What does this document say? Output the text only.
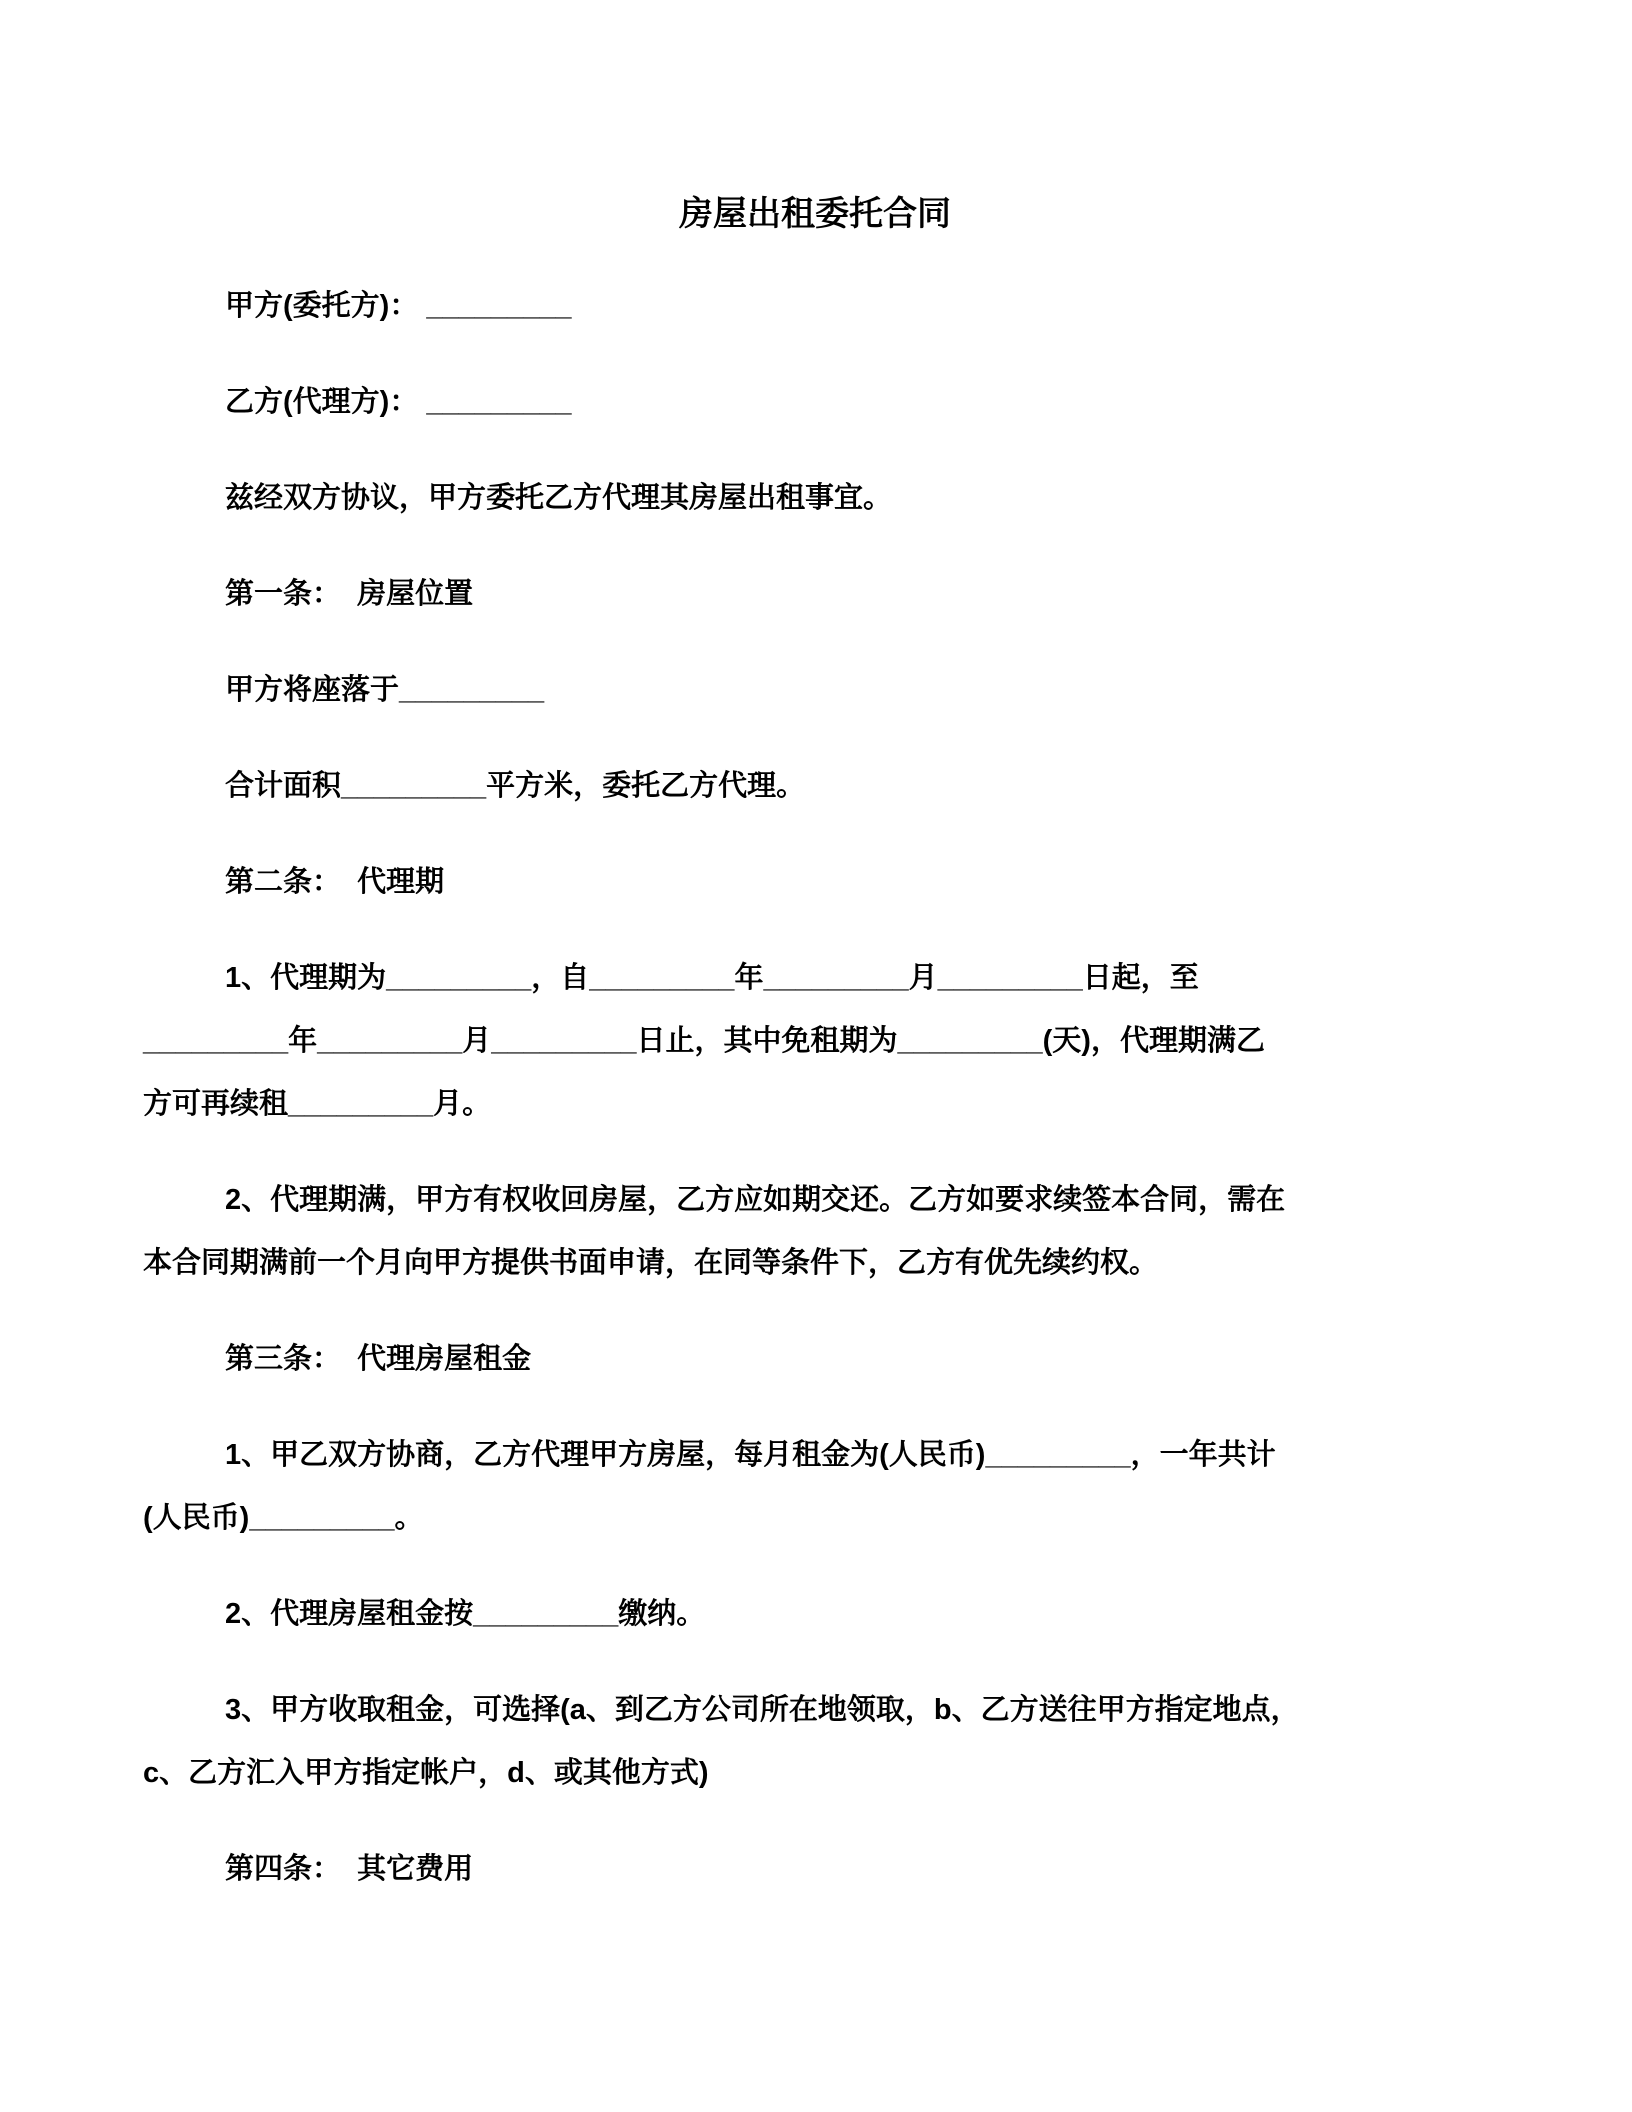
房屋出租委托合同
甲方(委托方)： _________
乙方(代理方)： _________
兹经双方协议，甲方委托乙方代理其房屋出租事宜。
第一条：  房屋位置
甲方将座落于_________
合计面积_________平方米，委托乙方代理。
第二条：  代理期
1、代理期为_________，自_________年_________月_________日起，至
_________年_________月_________日止，其中免租期为_________(天)，代理期满乙
方可再续租_________月。
2、代理期满，甲方有权收回房屋，乙方应如期交还。乙方如要求续签本合同，需在
本合同期满前一个月向甲方提供书面申请，在同等条件下，乙方有优先续约权。
第三条：  代理房屋租金
1、甲乙双方协商，乙方代理甲方房屋，每月租金为(人民币)_________，一年共计
(人民币)_________。
2、代理房屋租金按_________缴纳。
3、甲方收取租金，可选择(a、到乙方公司所在地领取，b、乙方送往甲方指定地点，
c、乙方汇入甲方指定帐户，d、或其他方式)
第四条：  其它费用
